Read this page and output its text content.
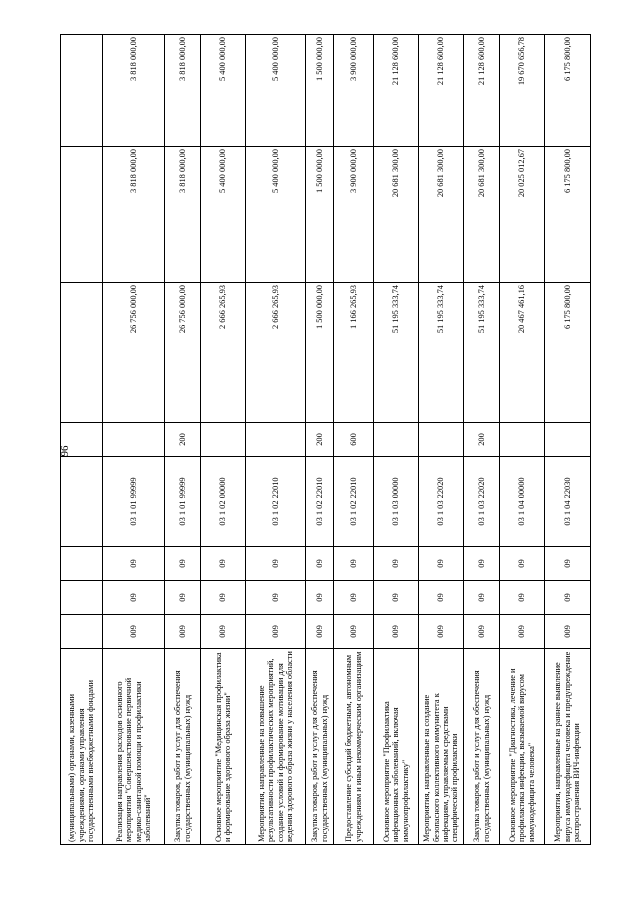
96
(муниципальными) органами, казенными учреждениями, органами управления государственными внебюджетными фондами								
Реализация направления расходов основного мероприятия "Совершенствование первичной медико-санитарной помощи и профилактики заболеваний"	009	09	09	03 1 01 99999		26 756 000,00	3 818 000,00	3 818 000,00
Закупка товаров, работ и услуг для обеспечения государственных (муниципальных) нужд	009	09	09	03 1 01 99999	200	26 756 000,00	3 818 000,00	3 818 000,00
Основное мероприятие "Медицинская профилактика и формирование здорового образа жизни"	009	09	09	03 1 02 00000		2 666 265,93	5 400 000,00	5 400 000,00
Мероприятия, направленные на повышение результативности профилактических мероприятий, создание условий и формирование мотивации для ведения здорового образа жизни у населения области	009	09	09	03 1 02 22010		2 666 265,93	5 400 000,00	5 400 000,00
Закупка товаров, работ и услуг для обеспечения государственных (муниципальных) нужд	009	09	09	03 1 02 22010	200	1 500 000,00	1 500 000,00	1 500 000,00
Предоставление субсидий бюджетным, автономным учреждениям и иным некоммерческим организациям	009	09	09	03 1 02 22010	600	1 166 265,93	3 900 000,00	3 900 000,00
Основное мероприятие "Профилактика инфекционных заболеваний, включая иммунопрофилактику"	009	09	09	03 1 03 00000		51 195 333,74	20 681 300,00	21 128 600,00
Мероприятия, направленные на создание безопасного коллективного иммунитета к инфекциям, управляемым средствами специфической профилактики	009	09	09	03 1 03 22020		51 195 333,74	20 681 300,00	21 128 600,00
Закупка товаров, работ и услуг для обеспечения государственных (муниципальных) нужд	009	09	09	03 1 03 22020	200	51 195 333,74	20 681 300,00	21 128 600,00
Основное мероприятие "Диагностика, лечение и профилактика инфекции, вызываемой вирусом иммунодефицита человека"	009	09	09	03 1 04 00000		20 467 461,16	20 025 012,67	19 670 656,78
Мероприятия, направленные на раннее выявление вируса иммунодефицита человека и предупреждение распространения ВИЧ-инфекции	009	09	09	03 1 04 22030		6 175 800,00	6 175 800,00	6 175 800,00
